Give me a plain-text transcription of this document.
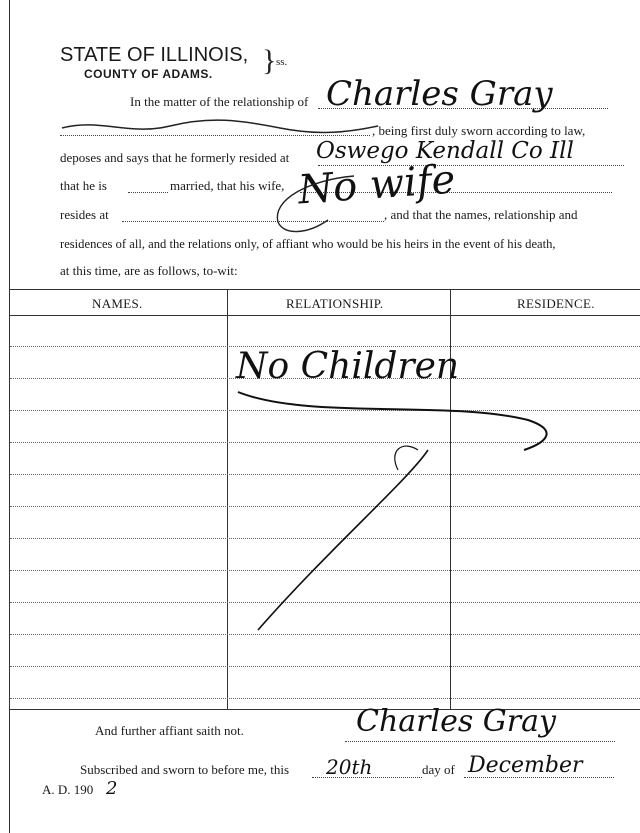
STATE OF ILLINOIS,
COUNTY OF ADAMS. } ss.
In the matter of the relationship of Charles Gray
, being first duly sworn according to law,
deposes and says that he formerly resided at Oswego Kendall Co Ill
that he is	married, that his wife,
resides at	, and that the names, relationship and
No wife
residences of all, and the relations only, of affiant who would be his heirs in the event of his death,
at this time, are as follows, to-wit:
NAMES.	RELATIONSHIP.	RESIDENCE.
No Children
And further affiant saith not.	Charles Gray
Subscribed and sworn to before me, this 20th	day of December
A. D. 190 2
